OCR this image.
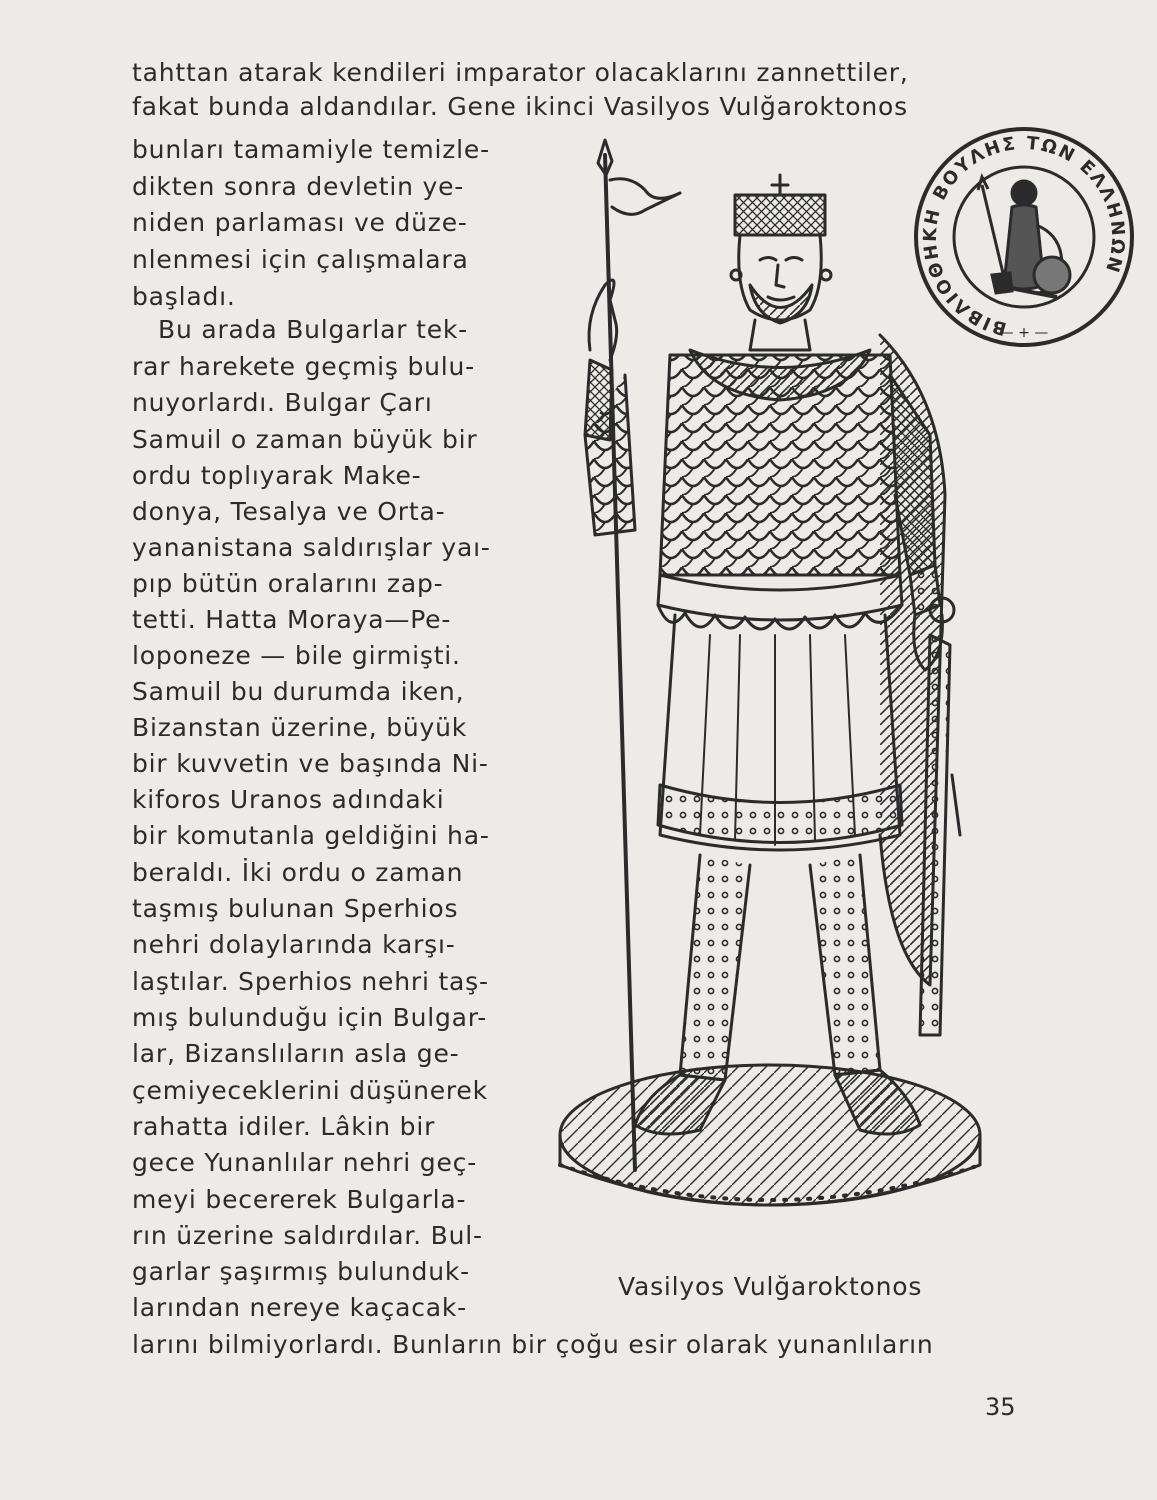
tahttan atarak kendileri imparator olacaklarını zannettiler,
fakat bunda aldandılar. Gene ikinci Vasilyos Vulğaroktonos
bunları tamamiyle temizle-
dikten sonra devletin ye-
niden parlaması ve düze-
nlenmesi için çalışmalara
başladı.
Bu arada Bulgarlar tek-
rar harekete geçmiş bulu-
nuyorlardı. Bulgar Çarı
Samuil o zaman büyük bir
ordu toplıyarak Make-
donya, Tesalya ve Orta-
yananistana saldırışlar yaı-
pıp bütün oralarını zap-
tetti. Hatta Moraya—Pe-
loponeze — bile girmişti.
Samuil bu durumda iken,
Bizanstan üzerine, büyük
bir kuvvetin ve başında Ni-
kiforos Uranos adındaki
bir komutanla geldiğini ha-
beraldı. İki ordu o zaman
taşmış bulunan Sperhios
nehri dolaylarında karşı-
laştılar. Sperhios nehri taş-
mış bulunduğu için Bulgar-
lar, Bizanslıların asla ge-
çemiyeceklerini düşünerek
rahatta idiler. Lâkin bir
gece Yunanlılar nehri geç-
meyi becererek Bulgarla-
rın üzerine saldırdılar. Bul-
garlar şaşırmış bulunduk-
larından nereye kaçacak-
larını bilmiyorlardı. Bunların bir çoğu esir olarak yunanlıların
ΒΙΒΛΙΟΘΗΚΗ ΒΟΥΛΗΣ ΤΩΝ ΕΛΛΗΝΩΝ
— + —
Vasilyos Vulğaroktonos
35
